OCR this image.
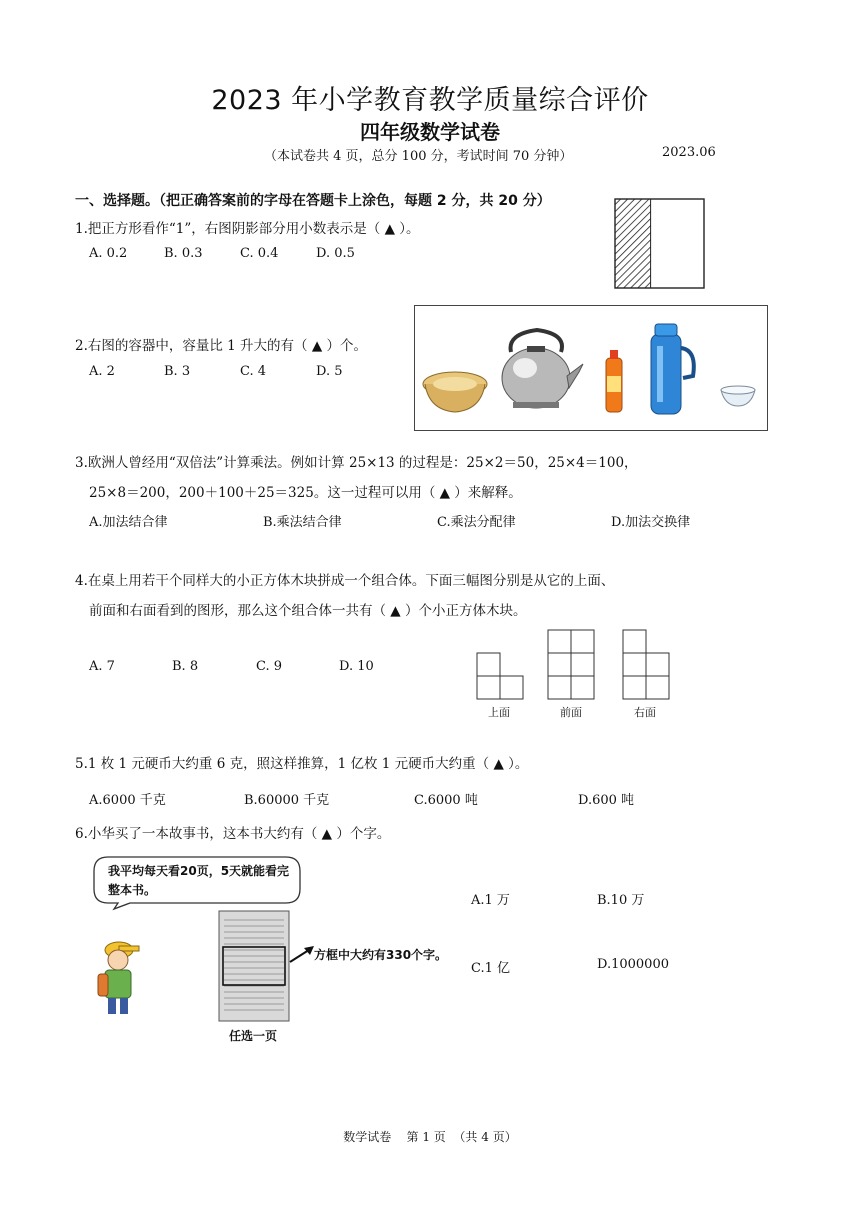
2023 年小学教育教学质量综合评价
四年级数学试卷
（本试卷共 4 页，总分 100 分，考试时间 70 分钟）	2023.06
一、选择题。（把正确答案前的字母在答题卡上涂色，每题 2 分，共 20 分）
1.把正方形看作“1”，右图阴影部分用小数表示是（ ▲ ）。
A. 0.2	B. 0.3	C. 0.4	D. 0.5
2.右图的容器中，容量比 1 升大的有（ ▲ ）个。
A. 2	B. 3	C. 4	D. 5
3.欧洲人曾经用“双倍法”计算乘法。例如计算 25×13 的过程是：25×2＝50，25×4＝100，
25×8＝200，200＋100＋25＝325。这一过程可以用（ ▲ ）来解释。
A.加法结合律	B.乘法结合律	C.乘法分配律	D.加法交换律
4.在桌上用若干个同样大的小正方体木块拼成一个组合体。下面三幅图分别是从它的上面、
前面和右面看到的图形，那么这个组合体一共有（ ▲ ）个小正方体木块。
A. 7	B. 8	C. 9	D. 10
上面	前面	右面
5.1 枚 1 元硬币大约重 6 克，照这样推算，1 亿枚 1 元硬币大约重（ ▲ ）。
A.6000 千克	B.60000 千克	C.6000 吨	D.600 吨
6.小华买了一本故事书，这本书大约有（ ▲ ）个字。
我平均每天看20页，5天就能看完整本书。
方框中大约有330个字。
任选一页
A.1 万	B.10 万
C.1 亿	D.1000000
数学试卷    第 1 页  （共 4 页）
